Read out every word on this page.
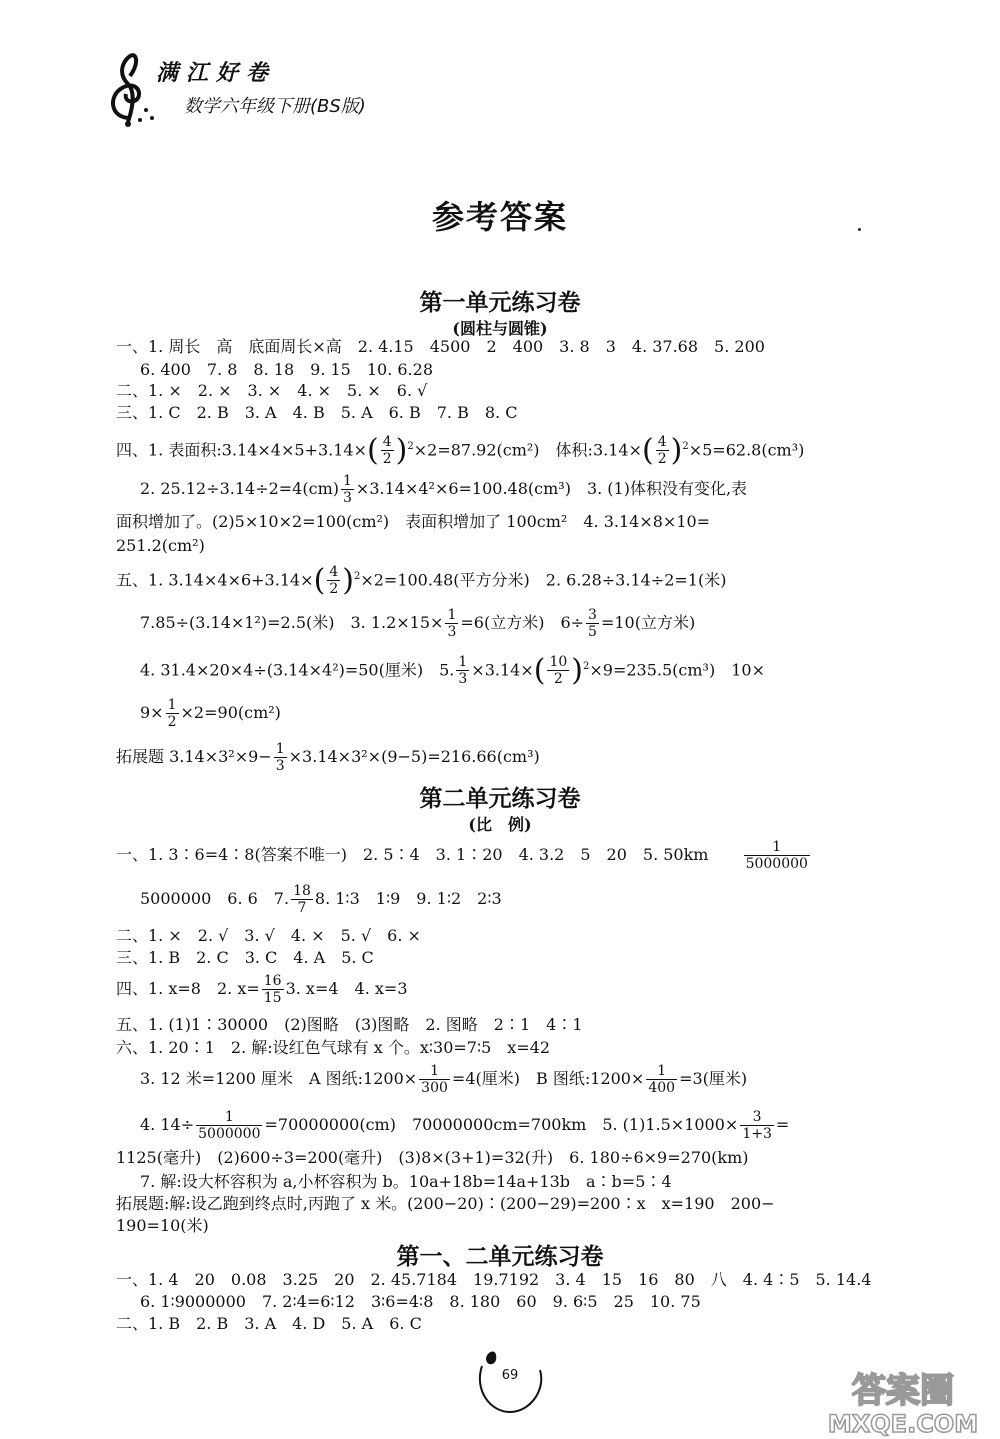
满江好卷
数学六年级下册(BS版)
参考答案
第一单元练习卷
(圆柱与圆锥)
一、1. 周长　高　底面周长×高　2. 4.15　4500　2　400　3. 8　3　4. 37.68　5. 200
6. 400　7. 8　8. 18　9. 15　10. 6.28
二、1. ×　2. ×　3. ×　4. ×　5. ×　6. √
三、1. C　2. B　3. A　4. B　5. A　6. B　7. B　8. C
四、1. 表面积:3.14×4×5+3.14×( $\frac{4}{2} )^2\times 2=87.92(cm^2)$　体积:3.14×( $\frac{4}{2} )^2\times 5=62.8(cm^3)$
2. $25.12\div 3.14\div 2=4(cm) \frac{1}{3} \times 3.14\times 4^2\times 6=100.48(cm^3)$　3. (1)体积没有变化,表
面积增加了。(2)5×10×2=100(cm²)　表面积增加了 100cm²　4. 3.14×8×10=
251.2(cm²)
五、1. $3.14\times 4\times 6+3.14\times( \frac{4}{2} )^2\times 2=100.48$(平方分米)　2. 6.28÷3.14÷2=1(米)
7.85÷(3.14×1²)=2.5(米)　3. $1.2\times 15\times \frac{1}{3} =6$(立方米)　$6\div \frac{3}{5} =10$(立方米)
4. 31.4×20×4÷(3.14×4²)=50(厘米)　5. $\frac{1}{3} \times 3.14\times( \frac{10}{2} )^2\times 9=235.5(cm^3)$　10×
$9\times \frac{1}{2} \times 2=90(cm^2)$
拓展题 $3.14\times 3^2\times 9- \frac{1}{3} \times 3.14\times 3^2\times(9-5)=216.66(cm^3)$
第二单元练习卷
(比　例)
一、1. 3∶6=4∶8(答案不唯一)　2. 5∶4　3. 1∶20　4. 3.2　5　20　5. 50km	$\frac{1}{5000000}$
5000000　6. 6　7. $\frac{18}{7} 8$. 1∶3　1∶9　9. 1∶2　2∶3
二、1. ×　2. √　3. √　4. ×　5. √　6. ×
三、1. B　2. C　3. C　4. A　5. C
四、1. x=8　2. $x= \frac{16}{15} 3$. x=4　4. x=3
五、1. (1)1∶30000　(2)图略　(3)图略　2. 图略　2∶1　4∶1
六、1. 20∶1　2. 解:设红色气球有 x 个。x∶30=7∶5　x=42
3. 12 米=1200 厘米　A 图纸:1200× $\frac{1}{300} =4$(厘米)　B 图纸:1200× $\frac{1}{400} =3$(厘米)
4. $14\div \frac{1}{5000000} =70000000(cm)$　70000000cm=700km　5. $(1)1.5\times 1000\times \frac{3}{1+3}$ =
1125(毫升)　(2)600÷3=200(毫升)　(3)8×(3+1)=32(升)　6. 180÷6×9=270(km)
7. 解:设大杯容积为 a,小杯容积为 b。10a+18b=14a+13b　a∶b=5∶4
拓展题:解:设乙跑到终点时,丙跑了 x 米。(200−20)∶(200−29)=200∶x　x=190　200−
190=10(米)
第一、二单元练习卷
一、1. 4　20　0.08　3.25　20　2. 45.7184　19.7192　3. 4　15　16　80　八　4. 4∶5　5. 14.4
6. 1∶9000000　7. 2∶4=6∶12　3∶6=4∶8　8. 180　60　9. 6∶5　25　10. 75
二、1. B　2. B　3. A　4. D　5. A　6. C
69	答案圈
MXQE.COM
